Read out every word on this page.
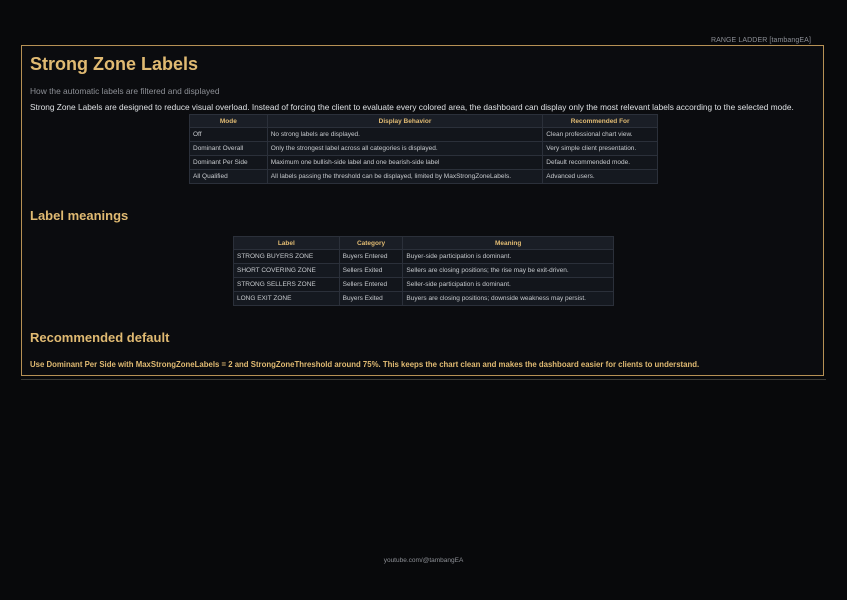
RANGE LADDER [tambangEA]
Strong Zone Labels
How the automatic labels are filtered and displayed
Strong Zone Labels are designed to reduce visual overload. Instead of forcing the client to evaluate every colored area, the dashboard can display only the most relevant labels according to the selected mode.
Mode	Display Behavior	Recommended For
Off	No strong labels are displayed.	Clean professional chart view.
Dominant Overall	Only the strongest label across all categories is displayed.	Very simple client presentation.
Dominant Per Side	Maximum one bullish-side label and one bearish-side label	Default recommended mode.
All Qualified	All labels passing the threshold can be displayed, limited by MaxStrongZoneLabels.	Advanced users.
Label meanings
Label	Category	Meaning
STRONG BUYERS ZONE	Buyers Entered	Buyer-side participation is dominant.
SHORT COVERING ZONE	Sellers Exited	Sellers are closing positions; the rise may be exit-driven.
STRONG SELLERS ZONE	Sellers Entered	Seller-side participation is dominant.
LONG EXIT ZONE	Buyers Exited	Buyers are closing positions; downside weakness may persist.
Recommended default
Use Dominant Per Side with MaxStrongZoneLabels = 2 and StrongZoneThreshold around 75%. This keeps the chart clean and makes the dashboard easier for clients to understand.
youtube.com/@tambangEA
